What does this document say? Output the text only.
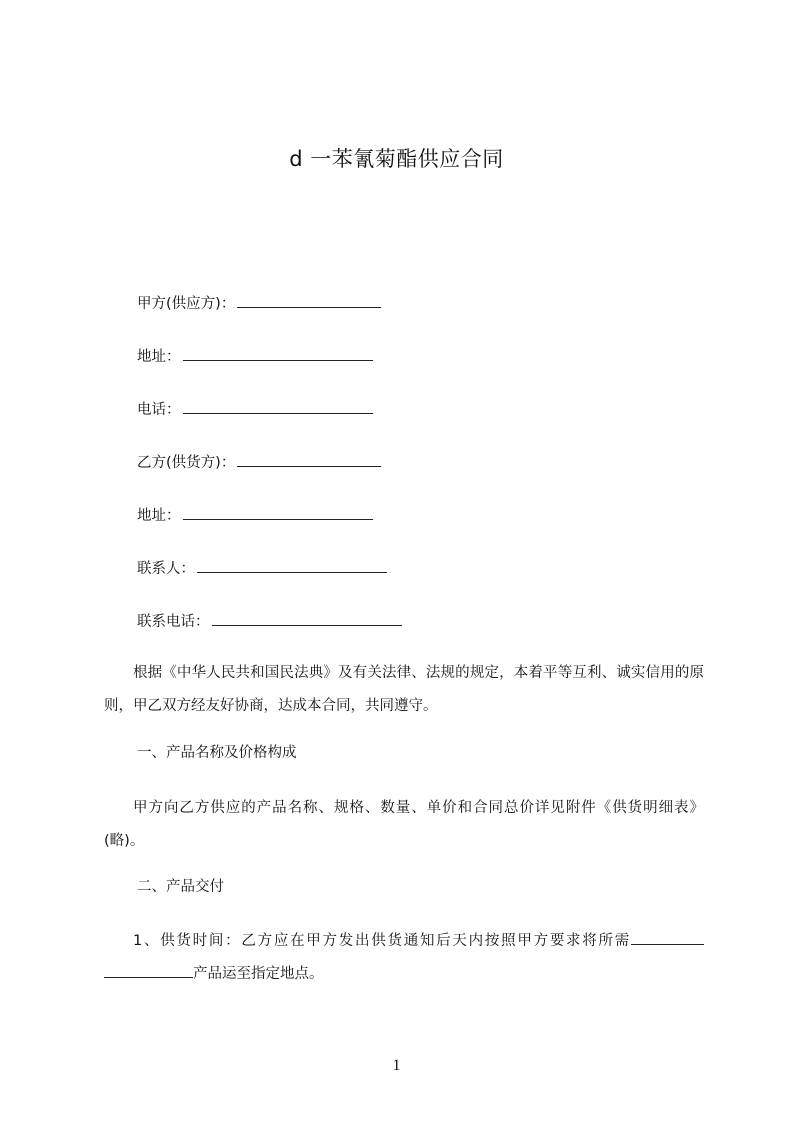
d 一苯氰菊酯供应合同
甲方(供应方)：
地址：
电话：
乙方(供货方)：
地址：
联系人：
联系电话：
根据《中华人民共和国民法典》及有关法律、法规的规定，本着平等互利、诚实信用的原则，甲乙双方经友好协商，达成本合同，共同遵守。
一、产品名称及价格构成
甲方向乙方供应的产品名称、规格、数量、单价和合同总价详见附件《供货明细表》(略)。
二、产品交付
1、供货时间：乙方应在甲方发出供货通知后天内按照甲方要求将所需产品运至指定地点。
1
